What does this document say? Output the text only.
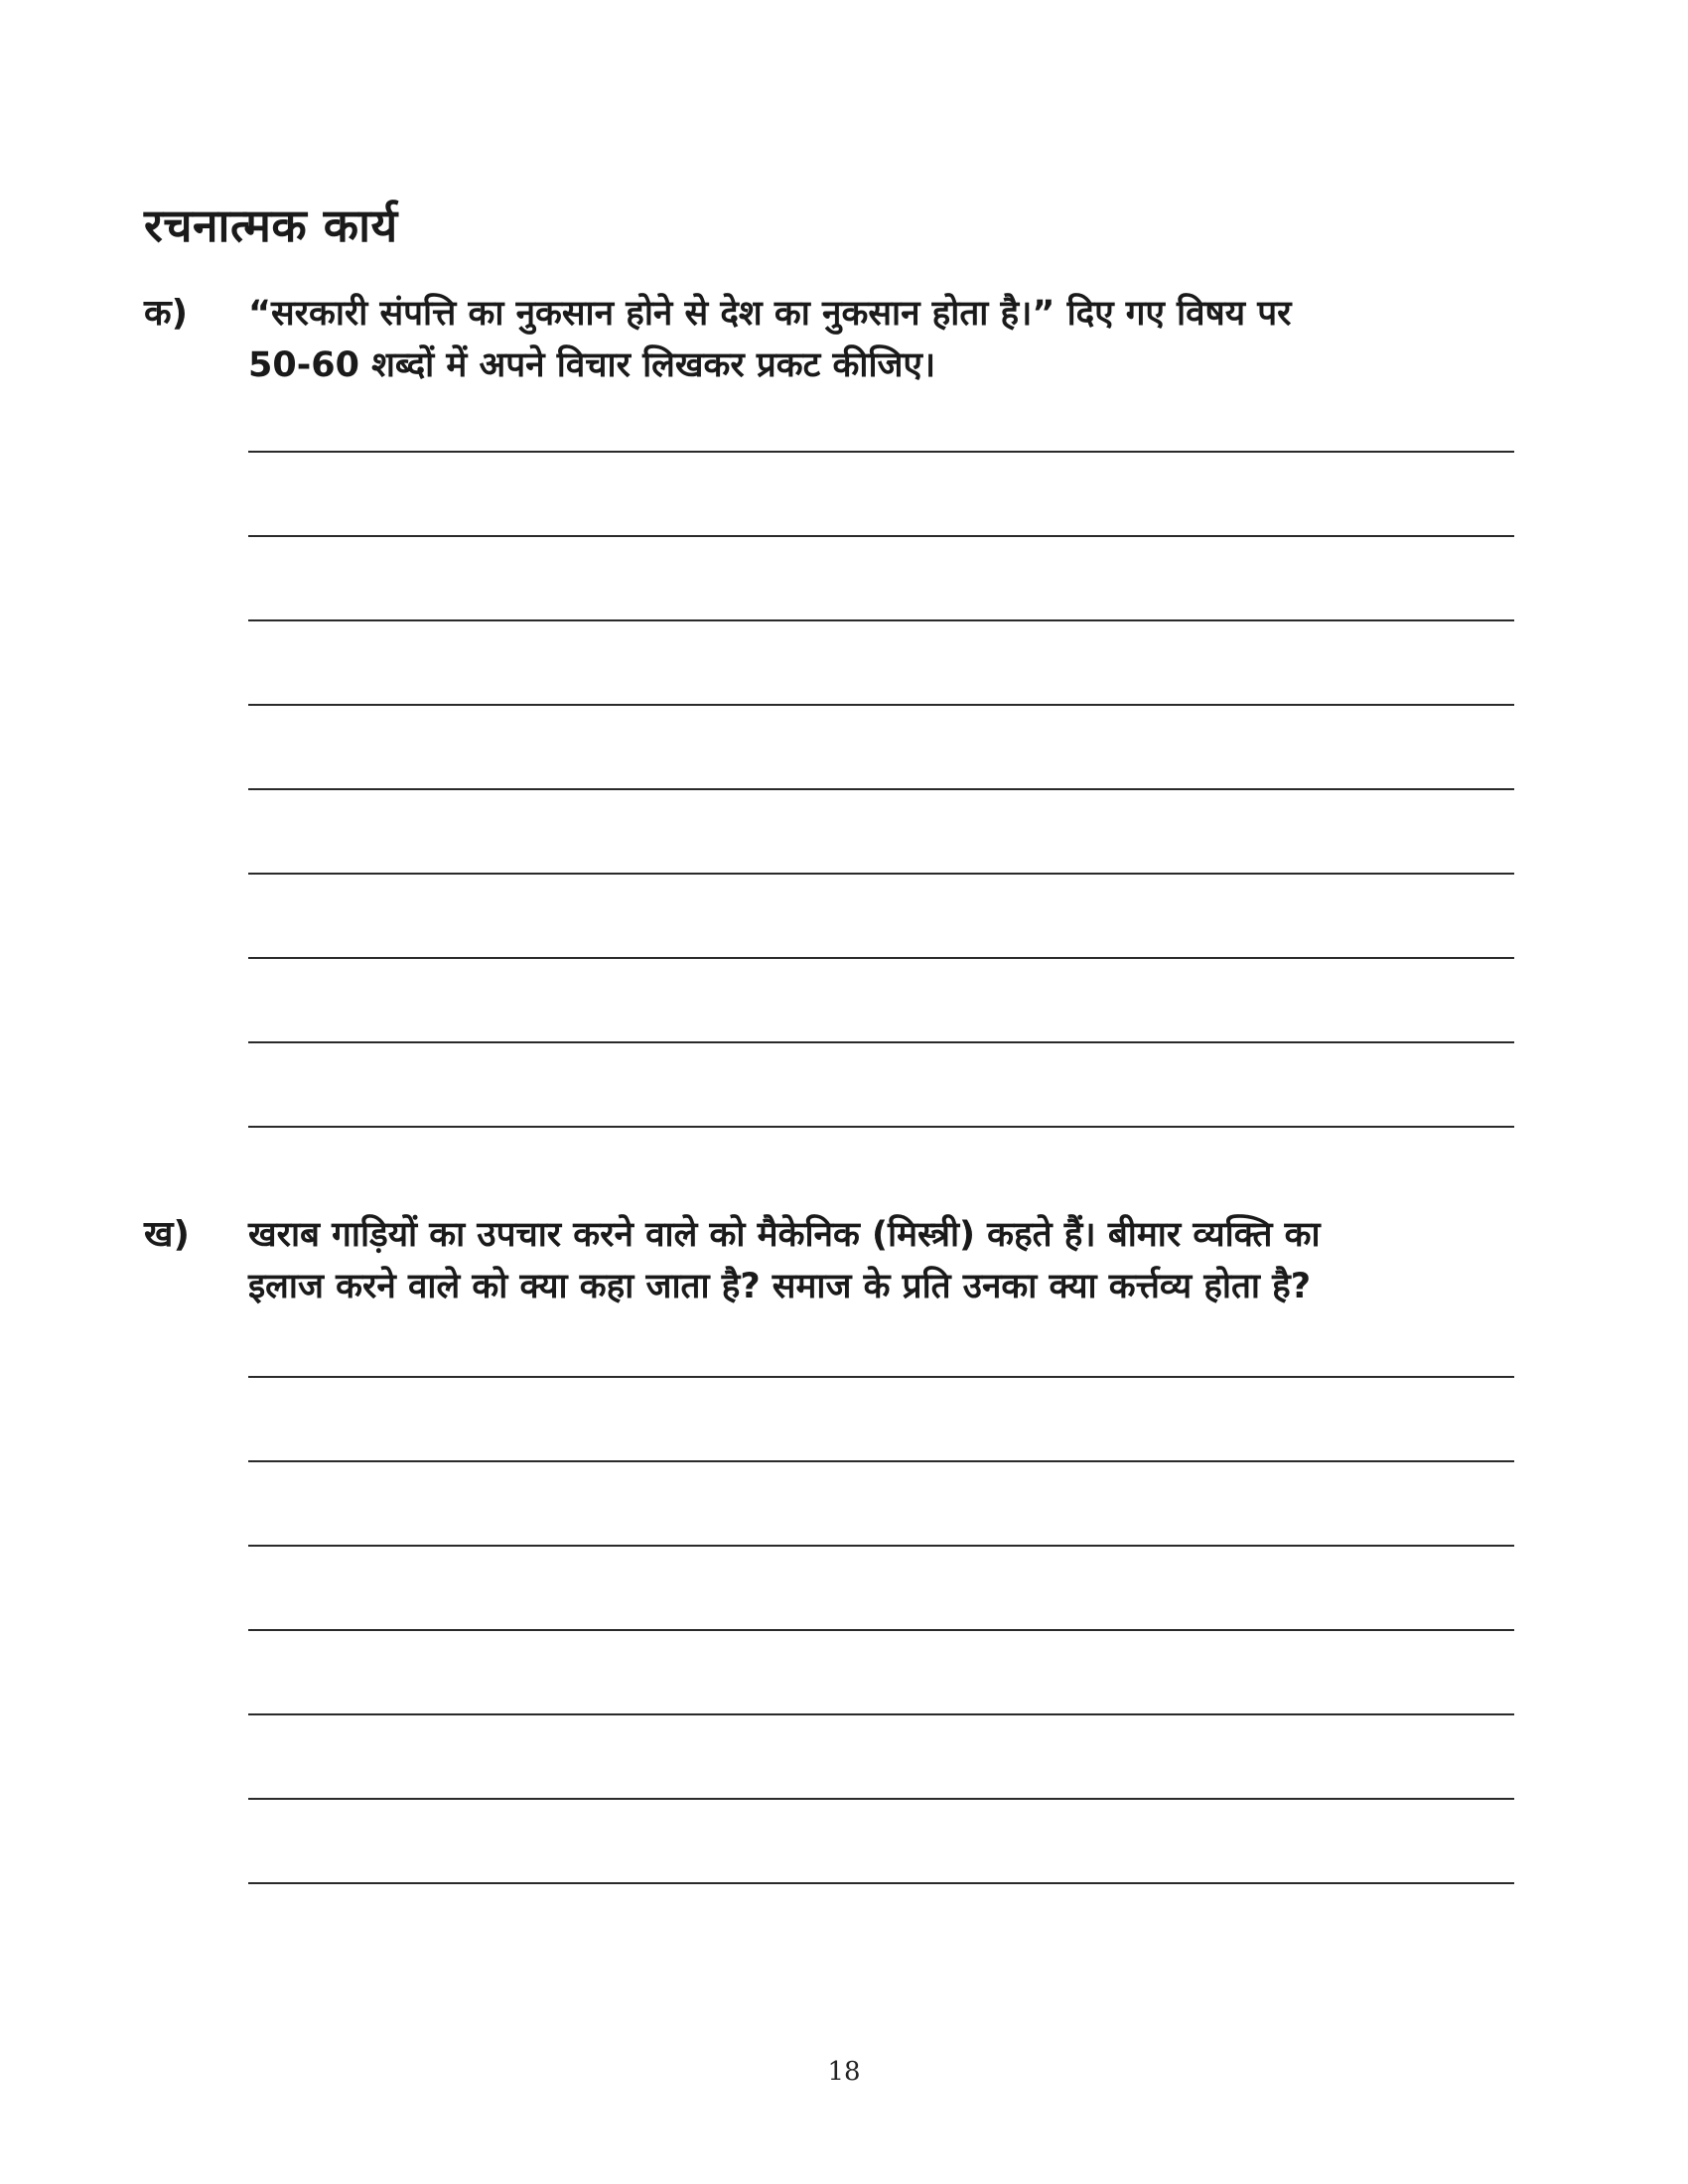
रचनात्मक कार्य
क) “सरकारी संपत्ति का नुकसान होने से देश का नुकसान होता है।” दिए गए विषय पर
50-60 शब्दों में अपने विचार लिखकर प्रकट कीजिए।
ख) खराब गाड़ियों का उपचार करने वाले को मैकेनिक (मिस्त्री) कहते हैं। बीमार व्यक्ति का
इलाज करने वाले को क्या कहा जाता है? समाज के प्रति उनका क्या कर्त्तव्य होता है?
18
